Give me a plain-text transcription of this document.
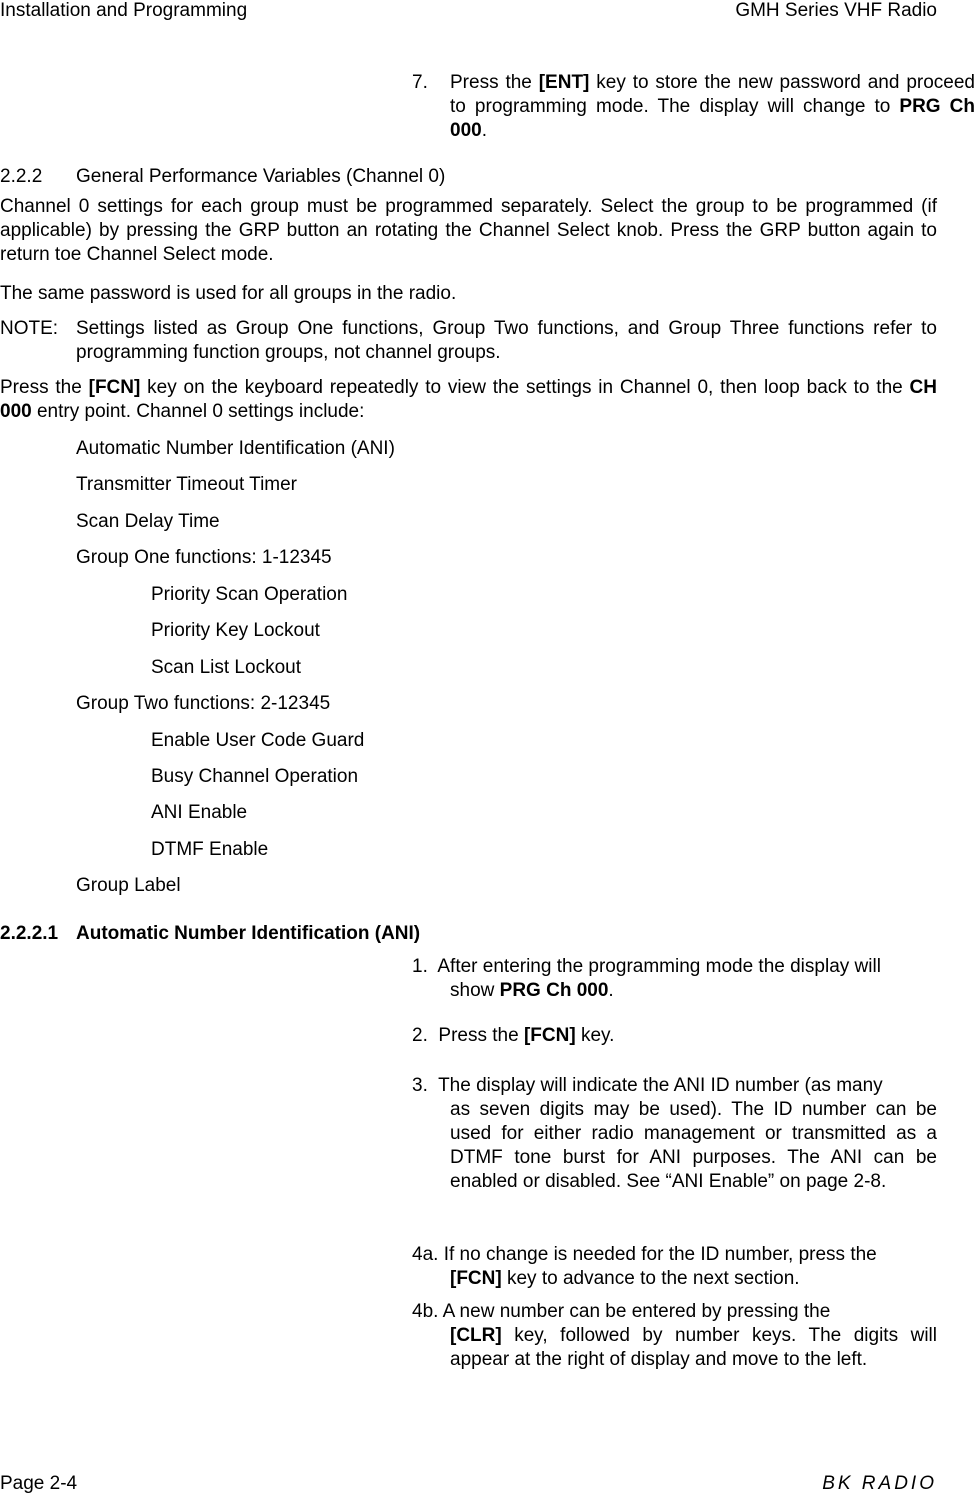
Installation and Programming	GMH Series VHF Radio
7. Press the [ENT] key to store the new password and proceed to programming mode. The display will change to PRG Ch 000.
2.2.2 General Performance Variables (Channel 0)
Channel 0 settings for each group must be programmed separately. Select the group to be programmed (if applicable) by pressing the GRP button an rotating the Channel Select knob. Press the GRP button again to return toe Channel Select mode.
The same password is used for all groups in the radio.
NOTE: Settings listed as Group One functions, Group Two functions, and Group Three functions refer to programming function groups, not channel groups.
Press the [FCN] key on the keyboard repeatedly to view the settings in Channel 0, then loop back to the CH 000 entry point. Channel 0 settings include:
Automatic Number Identification (ANI)
Transmitter Timeout Timer
Scan Delay Time
Group One functions: 1-12345
Priority Scan Operation
Priority Key Lockout
Scan List Lockout
Group Two functions: 2-12345
Enable User Code Guard
Busy Channel Operation
ANI Enable
DTMF Enable
Group Label
2.2.2.1 Automatic Number Identification (ANI)
1. After entering the programming mode the display will
show PRG Ch 000.
2. Press the [FCN] key.
3. The display will indicate the ANI ID number (as many
as seven digits may be used). The ID number can be used for either radio management or transmitted as a DTMF tone burst for ANI purposes. The ANI can be enabled or disabled. See “ANI Enable” on page 2-8.
4a. If no change is needed for the ID number, press the
[FCN] key to advance to the next section.
4b. A new number can be entered by pressing the
[CLR] key, followed by number keys. The digits will appear at the right of display and move to the left.
Page 2-4	BK RADIO
